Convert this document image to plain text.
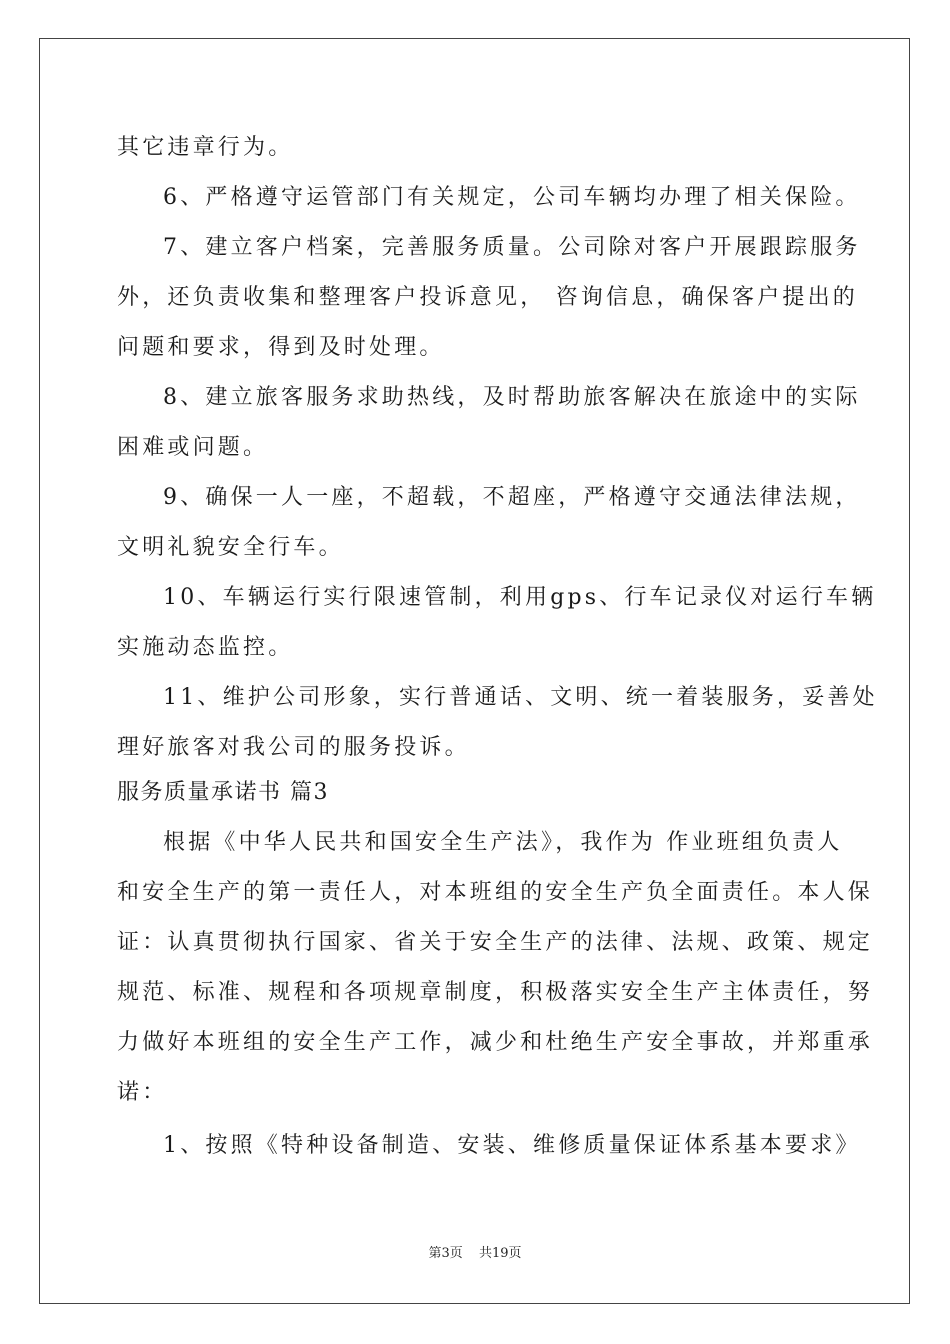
其它违章行为。
6、严格遵守运管部门有关规定，公司车辆均办理了相关保险。
7、建立客户档案，完善服务质量。公司除对客户开展跟踪服务
外，还负责收集和整理客户投诉意见， 咨询信息，确保客户提出的
问题和要求，得到及时处理。
8、建立旅客服务求助热线，及时帮助旅客解决在旅途中的实际
困难或问题。
9、确保一人一座，不超载，不超座，严格遵守交通法律法规，
文明礼貌安全行车。
10、车辆运行实行限速管制，利用gps、行车记录仪对运行车辆
实施动态监控。
11、维护公司形象，实行普通话、文明、统一着装服务，妥善处
理好旅客对我公司的服务投诉。
服务质量承诺书 篇3
根据《中华人民共和国安全生产法》，我作为 作业班组负责人
和安全生产的第一责任人，对本班组的安全生产负全面责任。本人保
证：认真贯彻执行国家、省关于安全生产的法律、法规、政策、规定
规范、标准、规程和各项规章制度，积极落实安全生产主体责任，努
力做好本班组的安全生产工作，减少和杜绝生产安全事故，并郑重承
诺：
1、按照《特种设备制造、安装、维修质量保证体系基本要求》
第3页 共19页
